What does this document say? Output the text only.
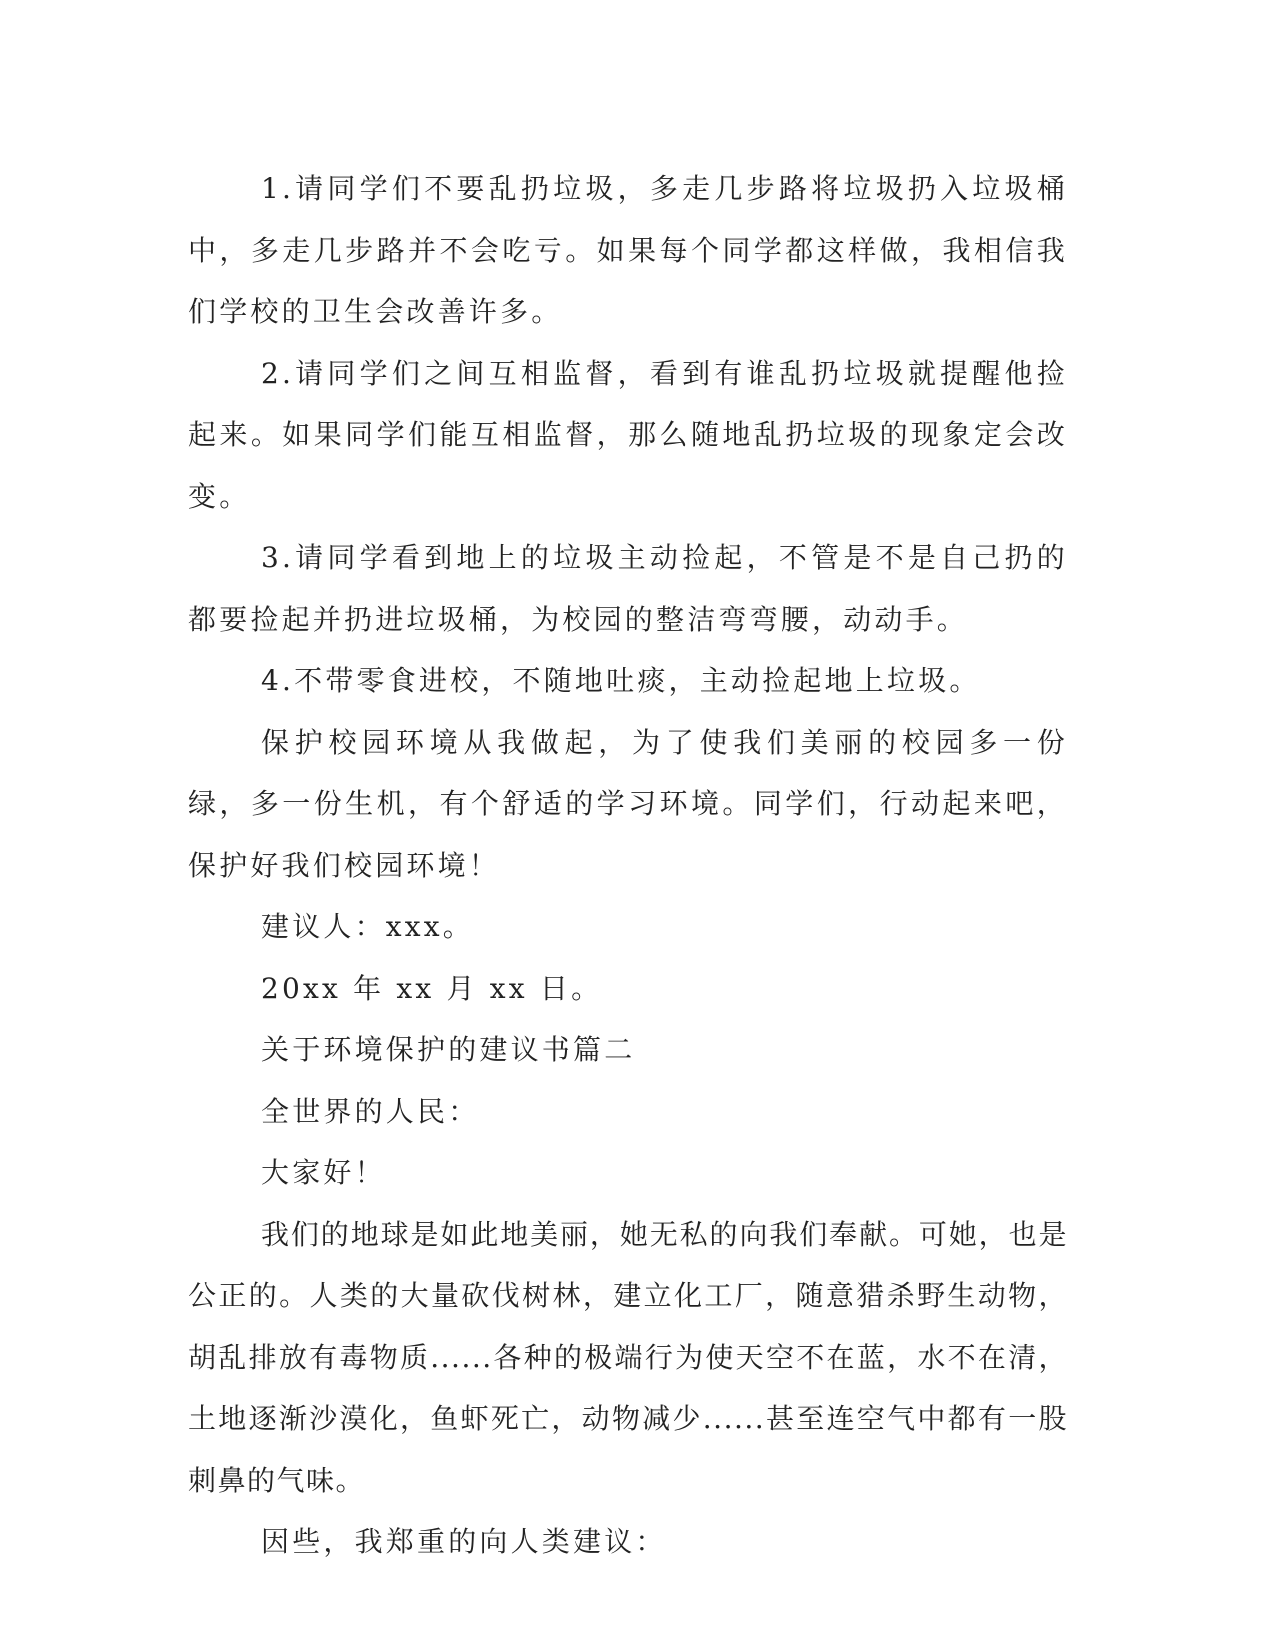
1.请同学们不要乱扔垃圾，多走几步路将垃圾扔入垃圾桶中，多走几步路并不会吃亏。如果每个同学都这样做，我相信我们学校的卫生会改善许多。

2.请同学们之间互相监督，看到有谁乱扔垃圾就提醒他捡起来。如果同学们能互相监督，那么随地乱扔垃圾的现象定会改变。

3.请同学看到地上的垃圾主动捡起，不管是不是自己扔的都要捡起并扔进垃圾桶，为校园的整洁弯弯腰，动动手。

4.不带零食进校，不随地吐痰，主动捡起地上垃圾。

保护校园环境从我做起，为了使我们美丽的校园多一份绿，多一份生机，有个舒适的学习环境。同学们，行动起来吧，保护好我们校园环境！

建议人：xxx。

20xx 年 xx 月 xx 日。

关于环境保护的建议书篇二

全世界的人民：

大家好！

我们的地球是如此地美丽，她无私的向我们奉献。可她，也是公正的。人类的大量砍伐树林，建立化工厂，随意猎杀野生动物，胡乱排放有毒物质......各种的极端行为使天空不在蓝，水不在清，土地逐渐沙漠化，鱼虾死亡，动物减少......甚至连空气中都有一股刺鼻的气味。

因些，我郑重的向人类建议：
